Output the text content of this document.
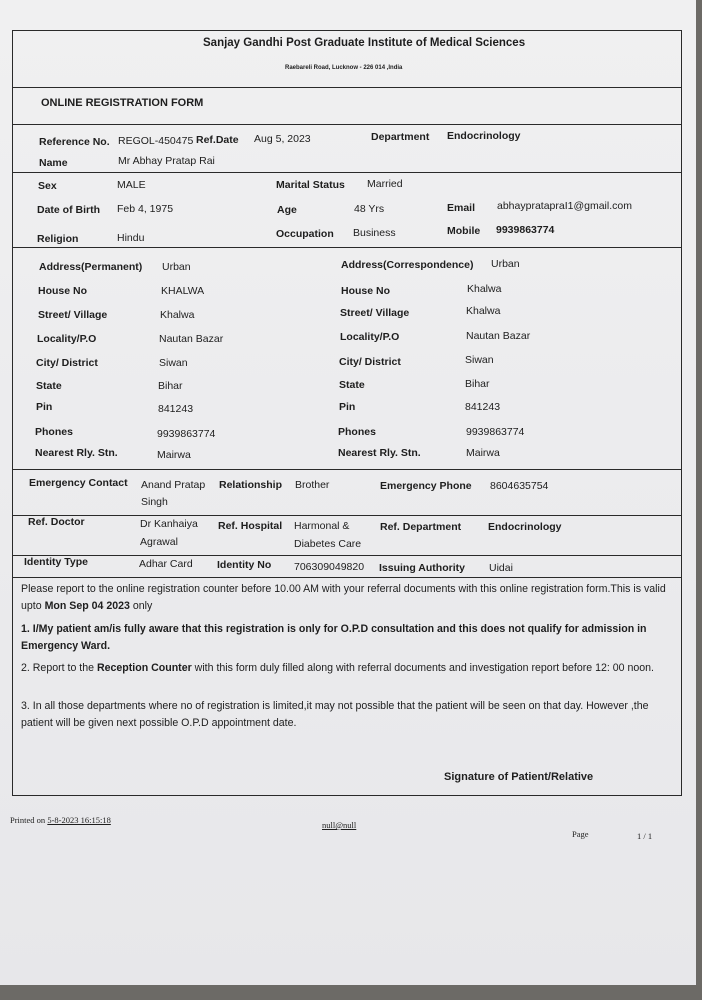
Sanjay Gandhi Post Graduate Institute of Medical Sciences
Raebareli Road, Lucknow - 226 014 ,India
ONLINE REGISTRATION FORM
Reference No. REGOL-450475 Ref.Date Aug 5, 2023	Department Endocrinology
Name	Mr Abhay Pratap Rai
Sex	MALE	Marital Status Married
Date of Birth Feb 4, 1975	Age	48 Yrs	Email abhaypratapraI1@gmail.com
Religion	Hindu	Occupation Business	Mobile 9939863774
Address(Permanent) Urban	Address(Correspondence) Urban
House No	KHALWA	House No	Khalwa
Street/ Village	Khalwa	Street/ Village	Khalwa
Locality/P.O	Nautan Bazar	Locality/P.O	Nautan Bazar
City/ District	Siwan	City/ District	Siwan
State	Bihar	State	Bihar
Pin	841243	Pin	841243
Phones	9939863774	Phones	9939863774
Nearest Rly. Stn.	Mairwa	Nearest Rly. Stn.	Mairwa
Emergency Contact Anand Pratap
Singh
Relationship Brother	Emergency Phone 8604635754
Ref. Doctor	Dr Kanhaiya
Agrawal
Ref. Hospital Harmonal &
Diabetes Care
Ref. Department	Endocrinology
Identity Type	Adhar Card Identity No 706309049820 Issuing Authority Uidai
Please report to the online registration counter before 10.00 AM with your referral documents with this online registration form.This is valid upto Mon Sep 04 2023 only
1. I/My patient am/is fully aware that this registration is only for O.P.D consultation and this does not qualify for admission in Emergency Ward.
2. Report to the Reception Counter with this form duly filled along with referral documents and investigation report before 12: 00 noon.
3. In all those departments where no of registration is limited,it may not possible that the patient will be seen on that day. However ,the patient will be given next possible O.P.D appointment date.
Signature of Patient/Relative
Printed on 5-8-2023 16:15:18	null@null
Page	1 / 1
